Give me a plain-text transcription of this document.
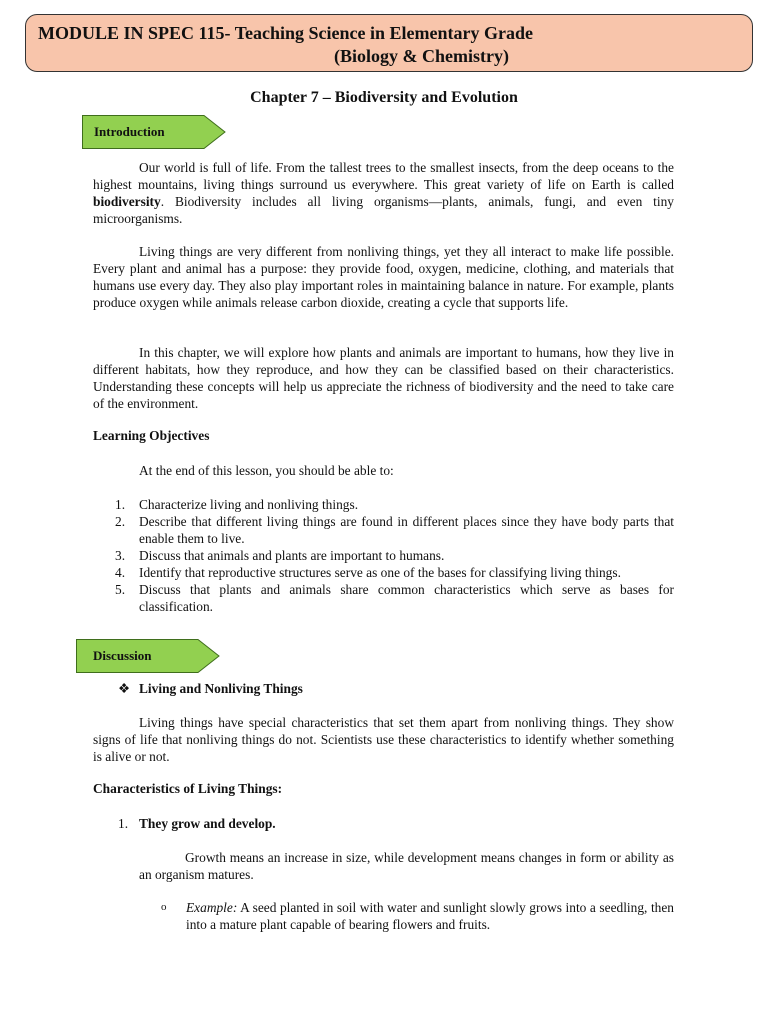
MODULE IN SPEC 115- Teaching Science in Elementary Grade
(Biology & Chemistry)
Chapter 7 – Biodiversity and Evolution
Introduction

Our world is full of life. From the tallest trees to the smallest insects, from the deep oceans to the highest mountains, living things surround us everywhere. This great variety of life on Earth is called biodiversity. Biodiversity includes all living organisms—plants, animals, fungi, and even tiny microorganisms.

Living things are very different from nonliving things, yet they all interact to make life possible. Every plant and animal has a purpose: they provide food, oxygen, medicine, clothing, and materials that humans use every day. They also play important roles in maintaining balance in nature. For example, plants produce oxygen while animals release carbon dioxide, creating a cycle that supports life.

In this chapter, we will explore how plants and animals are important to humans, how they live in different habitats, how they reproduce, and how they can be classified based on their characteristics. Understanding these concepts will help us appreciate the richness of biodiversity and the need to take care of the environment.

Learning Objectives

At the end of this lesson, you should be able to:

1. Characterize living and nonliving things.
2. Describe that different living things are found in different places since they have body parts that enable them to live.
3. Discuss that animals and plants are important to humans.
4. Identify that reproductive structures serve as one of the bases for classifying living things.
5. Discuss that plants and animals share common characteristics which serve as bases for classification.
Discussion
❖ Living and Nonliving Things

Living things have special characteristics that set them apart from nonliving things. They show signs of life that nonliving things do not. Scientists use these characteristics to identify whether something is alive or not.

Characteristics of Living Things:
1. They grow and develop.

Growth means an increase in size, while development means changes in form or ability as an organism matures.

o Example: A seed planted in soil with water and sunlight slowly grows into a seedling, then into a mature plant capable of bearing flowers and fruits.
